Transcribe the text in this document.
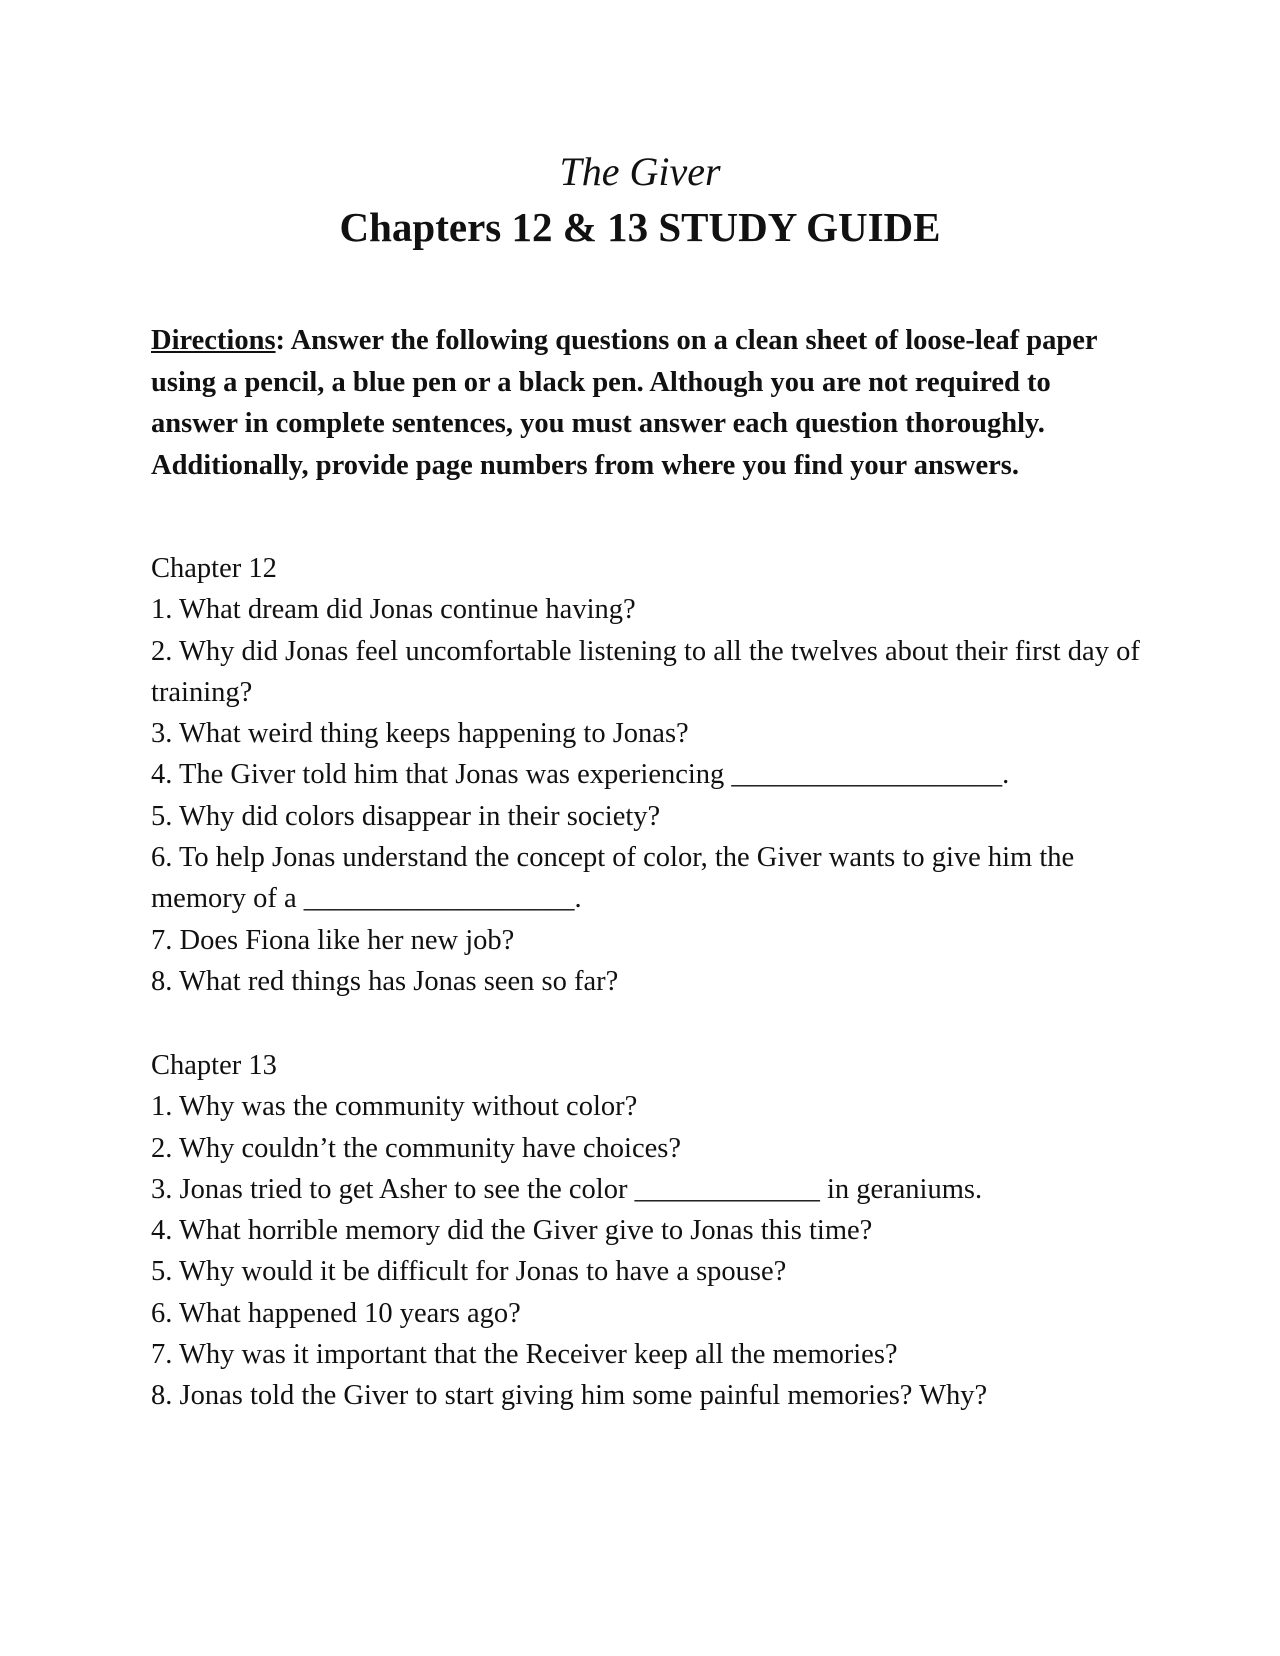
The Giver
Chapters 12 & 13 STUDY GUIDE
Directions: Answer the following questions on a clean sheet of loose-leaf paper using a pencil, a blue pen or a black pen. Although you are not required to answer in complete sentences, you must answer each question thoroughly. Additionally, provide page numbers from where you find your answers.
Chapter 12
1. What dream did Jonas continue having?
2. Why did Jonas feel uncomfortable listening to all the twelves about their first day of training?
3. What weird thing keeps happening to Jonas?
4. The Giver told him that Jonas was experiencing ___________________.
5. Why did colors disappear in their society?
6. To help Jonas understand the concept of color, the Giver wants to give him the memory of a ___________________.
7. Does Fiona like her new job?
8. What red things has Jonas seen so far?
Chapter 13
1. Why was the community without color?
2. Why couldn’t the community have choices?
3. Jonas tried to get Asher to see the color _____________ in geraniums.
4. What horrible memory did the Giver give to Jonas this time?
5. Why would it be difficult for Jonas to have a spouse?
6. What happened 10 years ago?
7. Why was it important that the Receiver keep all the memories?
8. Jonas told the Giver to start giving him some painful memories? Why?
